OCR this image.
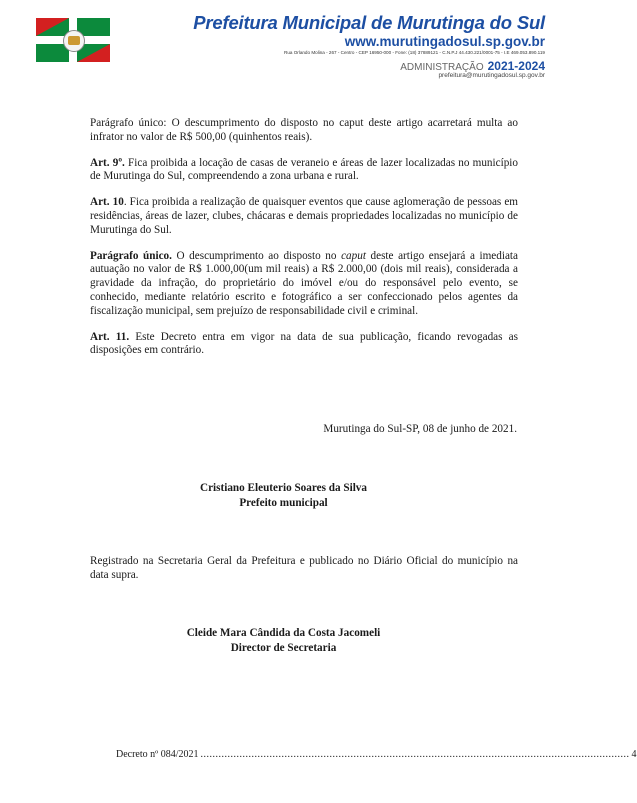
Prefeitura Municipal de Murutinga do Sul
www.murutingadosul.sp.gov.br
Rua Orlando Molina - 267 - Centro - CEP 16950-000 - Fone: (18) 37889121 - C.N.P.J 44.430.221/0001-75 - I.E 469.053.890.119
ADMINISTRAÇÃO 2021-2024
prefeitura@murutingadosul.sp.gov.br

Parágrafo único: O descumprimento do disposto no caput deste artigo acarretará multa ao infrator no valor de R$ 500,00 (quinhentos reais).

Art. 9º. Fica proibida a locação de casas de veraneio e áreas de lazer localizadas no município de Murutinga do Sul, compreendendo a zona urbana e rural.

Art. 10. Fica proibida a realização de quaisquer eventos que cause aglomeração de pessoas em residências, áreas de lazer, clubes, chácaras e demais propriedades localizadas no município de Murutinga do Sul.

Parágrafo único. O descumprimento ao disposto no caput deste artigo ensejará a imediata autuação no valor de R$ 1.000,00(um mil reais) a R$ 2.000,00 (dois mil reais), considerada a gravidade da infração, do proprietário do imóvel e/ou do responsável pelo evento, se conhecido, mediante relatório escrito e fotográfico a ser confeccionado pelos agentes da fiscalização municipal, sem prejuízo de responsabilidade civil e criminal.

Art. 11. Este Decreto entra em vigor na data de sua publicação, ficando revogadas as disposições em contrário.

Murutinga do Sul-SP, 08 de junho de 2021.
Cristiano Eleuterio Soares da Silva
Prefeito municipal
Registrado na Secretaria Geral da Prefeitura e publicado no Diário Oficial do município na data supra.
Cleide Mara Cândida da Costa Jacomeli
Director de Secretaria
Decreto nº 084/2021 ............................................................................................................................................... 4
